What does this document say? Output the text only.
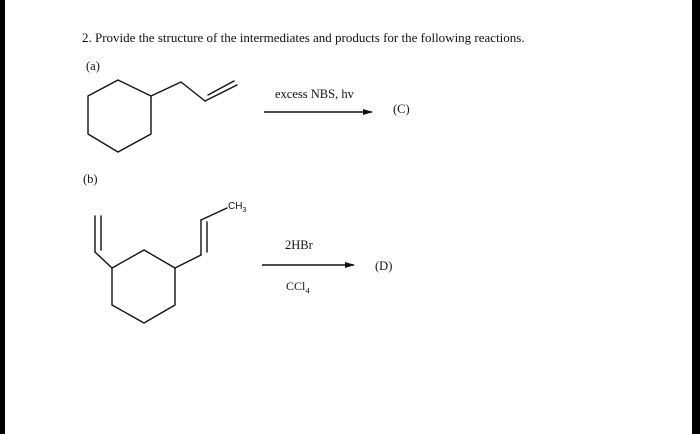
2. Provide the structure of the intermediates and products for the following reactions.
(a)
(b)
excess NBS, hv
(C)
2HBr
(D)
CCl$_4$
$CH_3$
